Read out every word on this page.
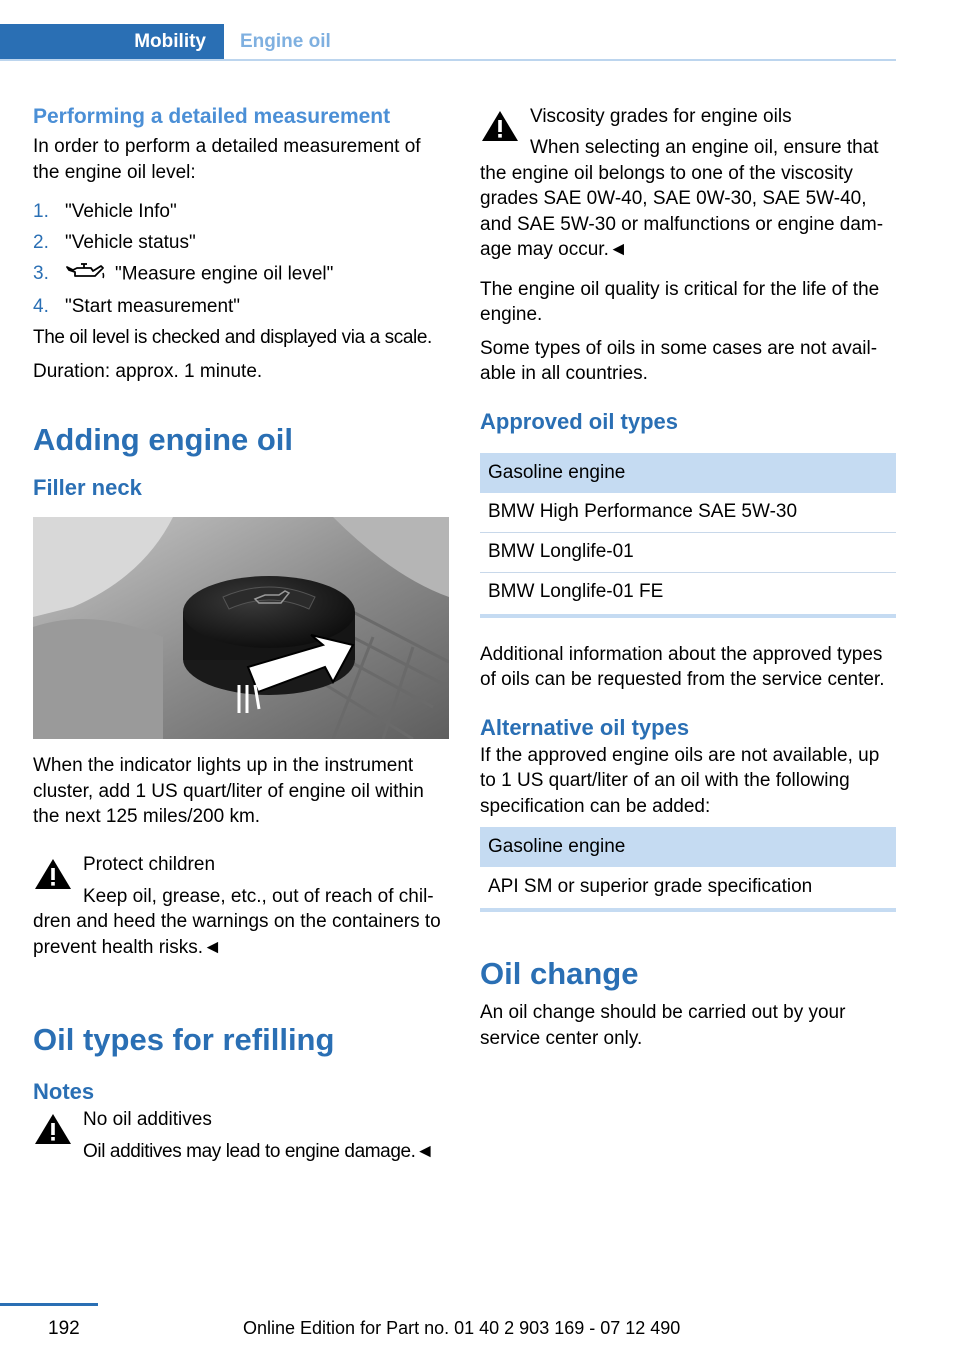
Mobility	Engine oil
Performing a detailed measurement

In order to perform a detailed measurement of the engine oil level:

1. "Vehicle Info"
2. "Vehicle status"
3.	"Measure engine oil level"
4. "Start measurement"

The oil level is checked and displayed via a scale.

Duration: approx. 1 minute.

Adding engine oil
Filler neck

When the indicator lights up in the instrument cluster, add 1 US quart/liter of engine oil within the next 125 miles/200 km.

Protect children

Keep oil, grease, etc., out of reach of chil-dren and heed the warnings on the containers to prevent health risks.◄

Oil types for refilling
Notes
No oil additives

Oil additives may lead to engine damage.◄

Viscosity grades for engine oils

When selecting an engine oil, ensure that the engine oil belongs to one of the viscosity grades SAE 0W-40, SAE 0W-30, SAE 5W-40, and SAE 5W-30 or malfunctions or engine dam-age may occur.◄

The engine oil quality is critical for the life of the engine.

Some types of oils in some cases are not avail-able in all countries.

Approved oil types
Gasoline engine
BMW High Performance SAE 5W-30
BMW Longlife-01
BMW Longlife-01 FE

Additional information about the approved types of oils can be requested from the service center.

Alternative oil types

If the approved engine oils are not available, up to 1 US quart/liter of an oil with the following specification can be added:

Gasoline engine
API SM or superior grade specification
Oil change

An oil change should be carried out by your service center only.

192	Online Edition for Part no. 01 40 2 903 169 - 07 12 490
